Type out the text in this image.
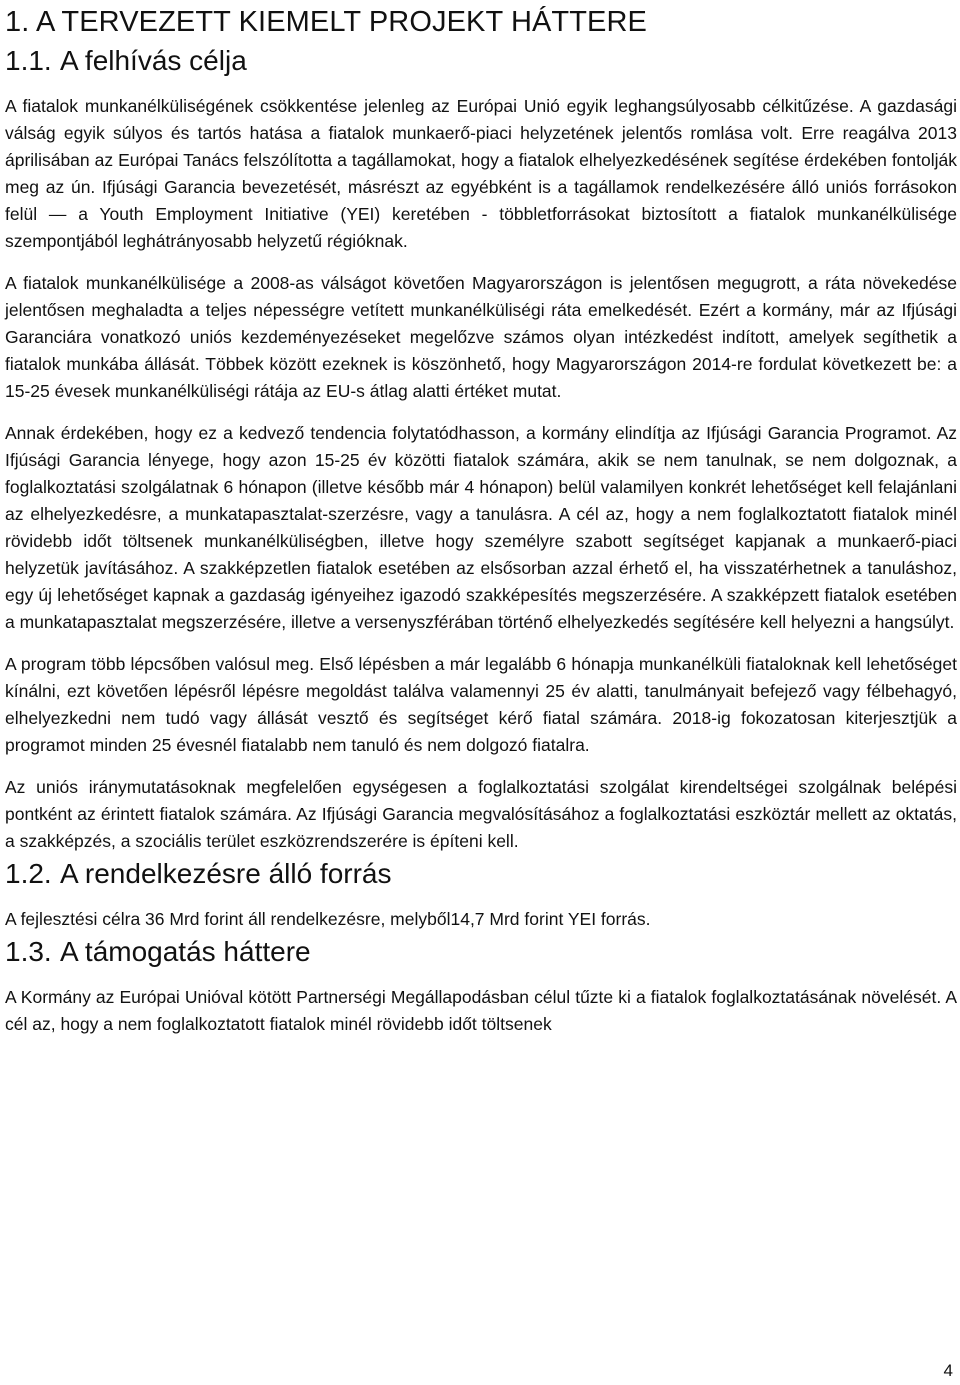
1. A TERVEZETT KIEMELT PROJEKT HÁTTERE
1.1. A felhívás célja

A fiatalok munkanélküliségének csökkentése jelenleg az Európai Unió egyik leghangsúlyosabb célkitűzése. A gazdasági válság egyik súlyos és tartós hatása a fiatalok munkaerő-piaci helyzetének jelentős romlása volt. Erre reagálva 2013 áprilisában az Európai Tanács felszólította a tagállamokat, hogy a fiatalok elhelyezkedésének segítése érdekében fontolják meg az ún. Ifjúsági Garancia bevezetését, másrészt az egyébként is a tagállamok rendelkezésére álló uniós forrásokon felül — a Youth Employment Initiative (YEI) keretében - többletforrásokat biztosított a fiatalok munkanélkülisége szempontjából leghátrányosabb helyzetű régióknak.

A fiatalok munkanélkülisége a 2008-as válságot követően Magyarországon is jelentősen megugrott, a ráta növekedése jelentősen meghaladta a teljes népességre vetített munkanélküliségi ráta emelkedését. Ezért a kormány, már az Ifjúsági Garanciára vonatkozó uniós kezdeményezéseket megelőzve számos olyan intézkedést indított, amelyek segíthetik a fiatalok munkába állását. Többek között ezeknek is köszönhető, hogy Magyarországon 2014-re fordulat következett be: a 15-25 évesek munkanélküliségi rátája az EU-s átlag alatti értéket mutat.

Annak érdekében, hogy ez a kedvező tendencia folytatódhasson, a kormány elindítja az Ifjúsági Garancia Programot. Az Ifjúsági Garancia lényege, hogy azon 15-25 év közötti fiatalok számára, akik se nem tanulnak, se nem dolgoznak, a foglalkoztatási szolgálatnak 6 hónapon (illetve később már 4 hónapon) belül valamilyen konkrét lehetőséget kell felajánlani az elhelyezkedésre, a munkatapasztalat-szerzésre, vagy a tanulásra. A cél az, hogy a nem foglalkoztatott fiatalok minél rövidebb időt töltsenek munkanélküliségben, illetve hogy személyre szabott segítséget kapjanak a munkaerő-piaci helyzetük javításához. A szakképzetlen fiatalok esetében az elsősorban azzal érhető el, ha visszatérhetnek a tanuláshoz, egy új lehetőséget kapnak a gazdaság igényeihez igazodó szakképesítés megszerzésére. A szakképzett fiatalok esetében a munkatapasztalat megszerzésére, illetve a versenyszférában történő elhelyezkedés segítésére kell helyezni a hangsúlyt.

A program több lépcsőben valósul meg. Első lépésben a már legalább 6 hónapja munkanélküli fiataloknak kell lehetőséget kínálni, ezt követően lépésről lépésre megoldást találva valamennyi 25 év alatti, tanulmányait befejező vagy félbehagyó, elhelyezkedni nem tudó vagy állását vesztő és segítséget kérő fiatal számára. 2018-ig fokozatosan kiterjesztjük a programot minden 25 évesnél fiatalabb nem tanuló és nem dolgozó fiatalra.

Az uniós iránymutatásoknak megfelelően egységesen a foglalkoztatási szolgálat kirendeltségei szolgálnak belépési pontként az érintett fiatalok számára. Az Ifjúsági Garancia megvalósításához a foglalkoztatási eszköztár mellett az oktatás, a szakképzés, a szociális terület eszközrendszerére is építeni kell.

1.2. A rendelkezésre álló forrás

A fejlesztési célra 36 Mrd forint áll rendelkezésre, melyből14,7 Mrd forint YEI forrás.

1.3. A támogatás háttere

A Kormány az Európai Unióval kötött Partnerségi Megállapodásban célul tűzte ki a fiatalok foglalkoztatásának növelését. A cél az, hogy a nem foglalkoztatott fiatalok minél rövidebb időt töltsenek

4
